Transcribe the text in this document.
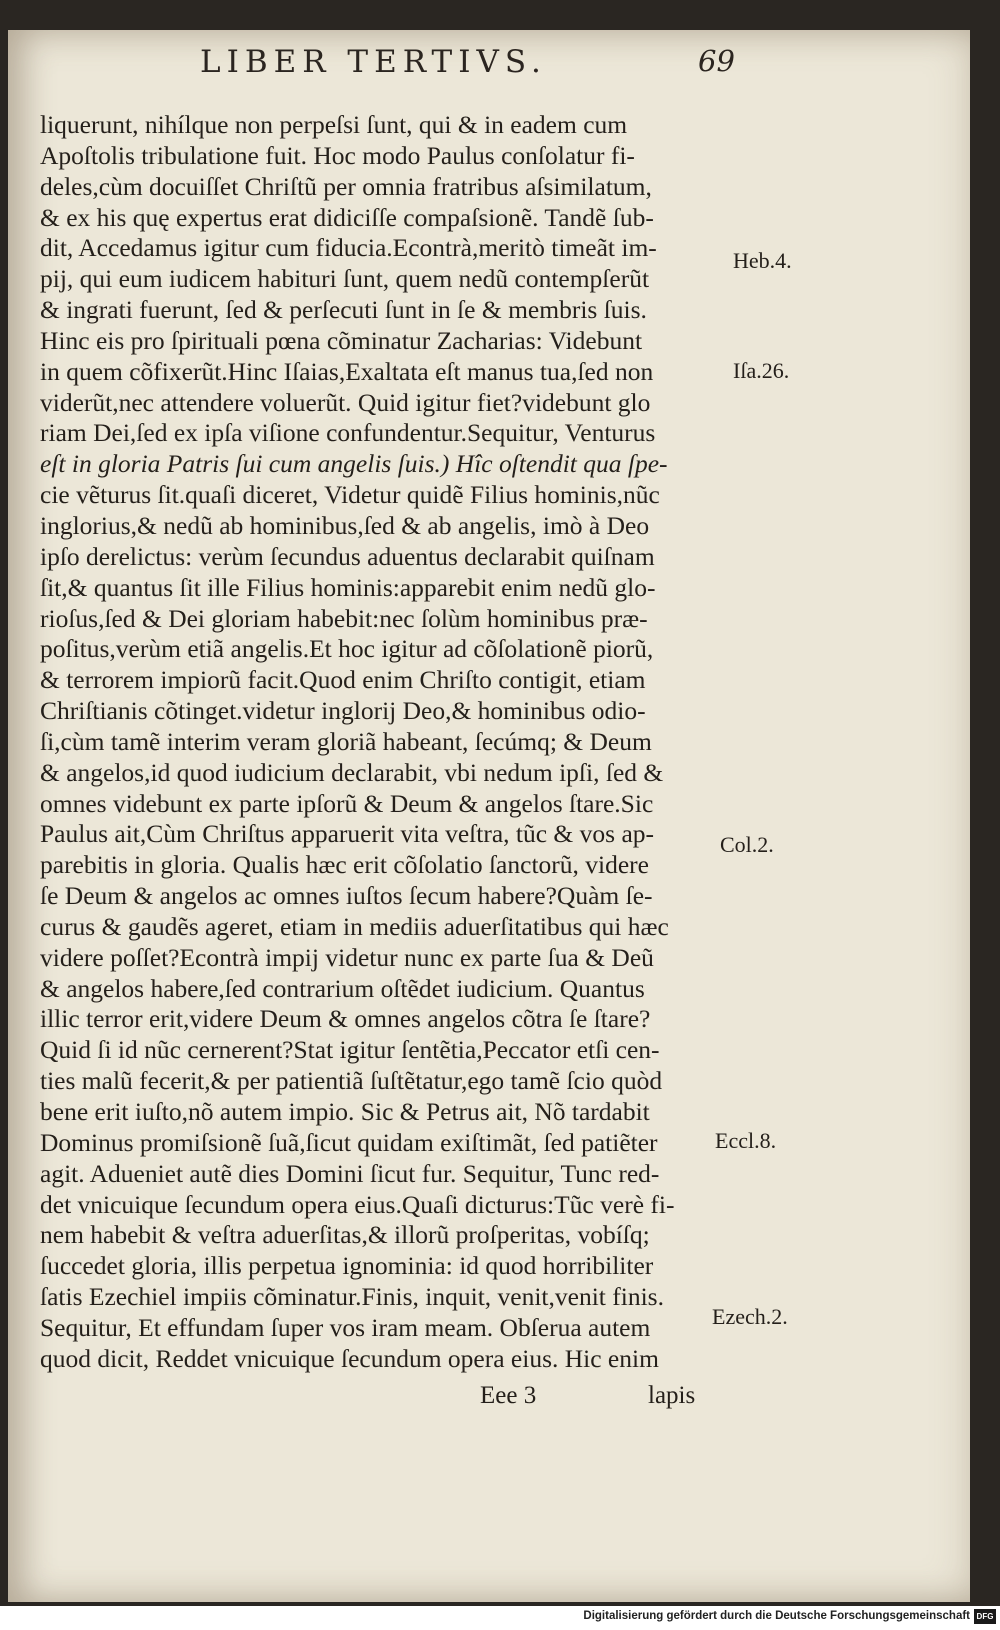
LIBER TERTIVS.	69
liquerunt, nihílque non perpeſsi ſunt, qui & in eadem cum
Apoſtolis tribulatione fuit. Hoc modo Paulus conſolatur fi-
deles,cùm docuiſſet Chriſtũ per omnia fratribus aſsimilatum,
& ex his quę expertus erat didiciſſe compaſsionẽ. Tandẽ ſub-
dit, Accedamus igitur cum fiducia.Econtrà,meritò timeãt im-
pij, qui eum iudicem habituri ſunt, quem nedũ contempſerũt
& ingrati fuerunt, ſed & perſecuti ſunt in ſe & membris ſuis.
Hinc eis pro ſpirituali pœna cõminatur Zacharias: Videbunt
in quem cõfixerũt.Hinc Iſaias,Exaltata eſt manus tua,ſed non
viderũt,nec attendere voluerũt. Quid igitur fiet?videbunt glo
riam Dei,ſed ex ipſa viſione confundentur.Sequitur, Venturus
eſt in gloria Patris ſui cum angelis ſuis.) Hîc oſtendit qua ſpe-
cie vẽturus ſit.quaſi diceret, Videtur quidẽ Filius hominis,nũc
inglorius,& nedũ ab hominibus,ſed & ab angelis, imò à Deo
ipſo derelictus: verùm ſecundus aduentus declarabit quiſnam
ſit,& quantus ſit ille Filius hominis:apparebit enim nedũ glo-
rioſus,ſed & Dei gloriam habebit:nec ſolùm hominibus præ-
poſitus,verùm etiã angelis.Et hoc igitur ad cõſolationẽ piorũ,
& terrorem impiorũ facit.Quod enim Chriſto contigit, etiam
Chriſtianis cõtinget.videtur inglorij Deo,& hominibus odio-
ſi,cùm tamẽ interim veram gloriã habeant, ſecúmq; & Deum
& angelos,id quod iudicium declarabit, vbi nedum ipſi, ſed &
omnes videbunt ex parte ipſorũ & Deum & angelos ſtare.Sic
Paulus ait,Cùm Chriſtus apparuerit vita veſtra, tũc & vos ap-
parebitis in gloria. Qualis hæc erit cõſolatio ſanctorũ, videre
ſe Deum & angelos ac omnes iuſtos ſecum habere?Quàm ſe-
curus & gaudẽs ageret, etiam in mediis aduerſitatibus qui hæc
videre poſſet?Econtrà impij videtur nunc ex parte ſua & Deũ
& angelos habere,ſed contrarium oſtẽdet iudicium. Quantus
illic terror erit,videre Deum & omnes angelos cõtra ſe ſtare?
Quid ſi id nũc cernerent?Stat igitur ſentẽtia,Peccator etſi cen-
ties malũ fecerit,& per patientiã ſuſtẽtatur,ego tamẽ ſcio quòd
bene erit iuſto,nõ autem impio. Sic & Petrus ait, Nõ tardabit
Dominus promiſsionẽ ſuã,ſicut quidam exiſtimãt, ſed patiẽter
agit. Adueniet autẽ dies Domini ſicut fur. Sequitur, Tunc red-
det vnicuique ſecundum opera eius.Quaſi dicturus:Tũc verè fi-
nem habebit & veſtra aduerſitas,& illorũ proſperitas, vobíſq;
ſuccedet gloria, illis perpetua ignominia: id quod horribiliter
ſatis Ezechiel impiis cõminatur.Finis, inquit, venit,venit finis.
Sequitur, Et effundam ſuper vos iram meam. Obſerua autem
quod dicit, Reddet vnicuique ſecundum opera eius. Hic enim
Heb.4.
Iſa.26.
Col.2.
Eccl.8.
Ezech.2.
Eee 3	lapis
Digitalisierung gefördert durch die Deutsche Forschungsgemeinschaft DFG
